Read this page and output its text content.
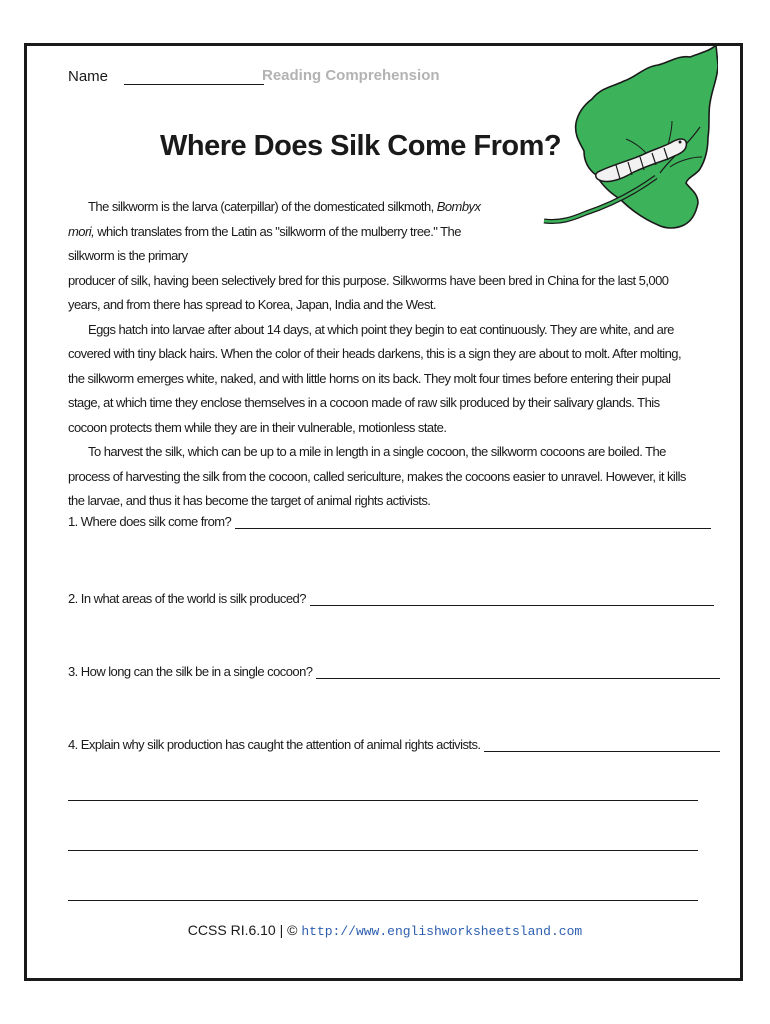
Name	Reading Comprehension
Where Does Silk Come From?

The silkworm is the larva (caterpillar) of the domesticated silkmoth, Bombyx mori, which translates from the Latin as "silkworm of the mulberry tree." The silkworm is the primary

producer of silk, having been selectively bred for this purpose. Silkworms have been bred in China for the last 5,000 years, and from there has spread to Korea, Japan, India and the West.

Eggs hatch into larvae after about 14 days, at which point they begin to eat continuously. They are white, and are covered with tiny black hairs. When the color of their heads darkens, this is a sign they are about to molt. After molting, the silkworm emerges white, naked, and with little horns on its back. They molt four times before entering their pupal stage, at which time they enclose themselves in a cocoon made of raw silk produced by their salivary glands. This cocoon protects them while they are in their vulnerable, motionless state.

To harvest the silk, which can be up to a mile in length in a single cocoon, the silkworm cocoons are boiled. The process of harvesting the silk from the cocoon, called sericulture, makes the cocoons easier to unravel. However, it kills the larvae, and thus it has become the target of animal rights activists.

1. Where does silk come from?
2. In what areas of the world is silk produced?
3. How long can the silk be in a single cocoon?
4. Explain why silk production has caught the attention of animal rights activists.
CCSS RI.6.10 | © http://www.englishworksheetsland.com
